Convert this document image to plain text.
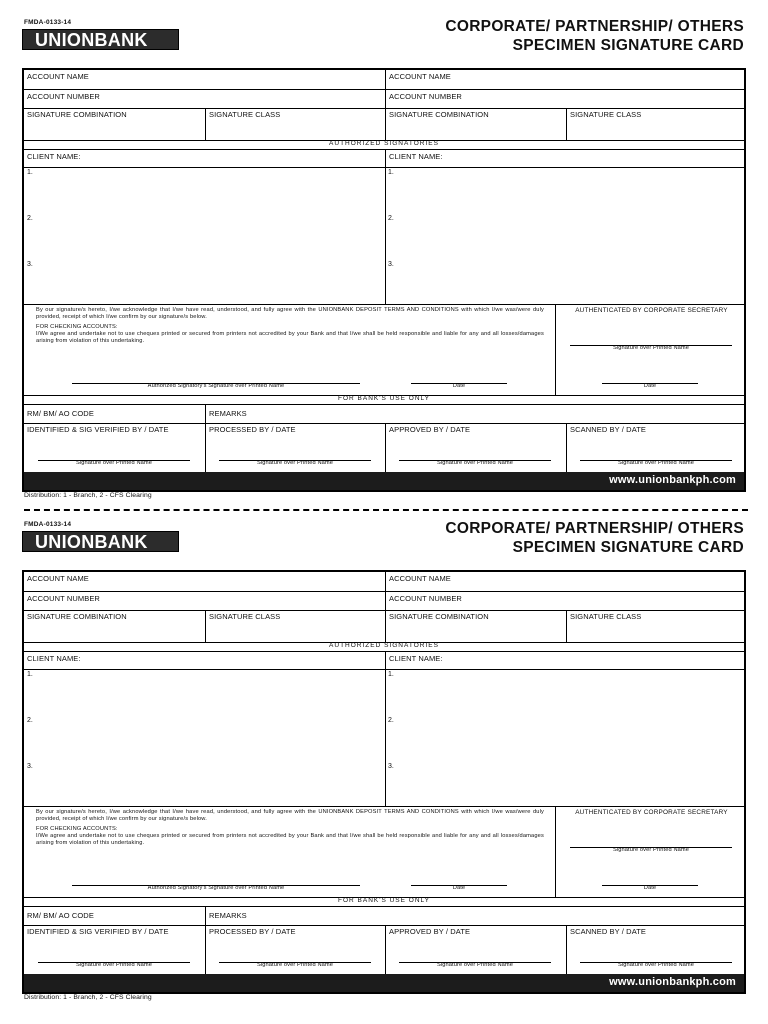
FMDA-0133-14
UNIONBANK
CORPORATE/ PARTNERSHIP/ OTHERS
SPECIMEN SIGNATURE CARD
ACCOUNT NAME	ACCOUNT NAME
ACCOUNT NUMBER	ACCOUNT NUMBER
SIGNATURE COMBINATION	SIGNATURE CLASS	SIGNATURE COMBINATION	SIGNATURE CLASS
AUTHORIZED SIGNATORIES
CLIENT NAME:	CLIENT NAME:
1.
2.
3.
1.
2.
3.
By our signature/s hereto, I/we acknowledge that I/we have read, understood, and fully agree with the UNIONBANK DEPOSIT TERMS AND CONDITIONS with which I/we was/were duly provided, receipt of which I/we confirm by our signature/s below.
FOR CHECKING ACCOUNTS:
I/We agree and undertake not to use cheques printed or secured from printers not accredited by your Bank and that I/we shall be held responsible and liable for any and all losses/damages arising from violation of this undertaking.
Authorized Signatory's Signature over Printed Name	Date
AUTHENTICATED BY CORPORATE SECRETARY
Signature over Printed Name
Date
FOR BANK'S USE ONLY
RM/ BM/ AO CODE	REMARKS
IDENTIFIED & SIG VERIFIED BY / DATE	PROCESSED BY / DATE	APPROVED BY / DATE	SCANNED BY / DATE
Signature over Printed Name	Signature over Printed Name	Signature over Printed Name	Signature over Printed Name
www.unionbankph.com
Distribution: 1 - Branch, 2 - CFS Clearing
FMDA-0133-14
UNIONBANK
CORPORATE/ PARTNERSHIP/ OTHERS
SPECIMEN SIGNATURE CARD
ACCOUNT NAME	ACCOUNT NAME
ACCOUNT NUMBER	ACCOUNT NUMBER
SIGNATURE COMBINATION	SIGNATURE CLASS	SIGNATURE COMBINATION	SIGNATURE CLASS
AUTHORIZED SIGNATORIES
CLIENT NAME:	CLIENT NAME:
1.
2.
3.
1.
2.
3.
By our signature/s hereto, I/we acknowledge that I/we have read, understood, and fully agree with the UNIONBANK DEPOSIT TERMS AND CONDITIONS with which I/we was/were duly provided, receipt of which I/we confirm by our signature/s below.
FOR CHECKING ACCOUNTS:
I/We agree and undertake not to use cheques printed or secured from printers not accredited by your Bank and that I/we shall be held responsible and liable for any and all losses/damages arising from violation of this undertaking.
Authorized Signatory's Signature over Printed Name	Date
AUTHENTICATED BY CORPORATE SECRETARY
Signature over Printed Name
Date
FOR BANK'S USE ONLY
RM/ BM/ AO CODE	REMARKS
IDENTIFIED & SIG VERIFIED BY / DATE	PROCESSED BY / DATE	APPROVED BY / DATE	SCANNED BY / DATE
Signature over Printed Name	Signature over Printed Name	Signature over Printed Name	Signature over Printed Name
www.unionbankph.com
Distribution: 1 - Branch, 2 - CFS Clearing
